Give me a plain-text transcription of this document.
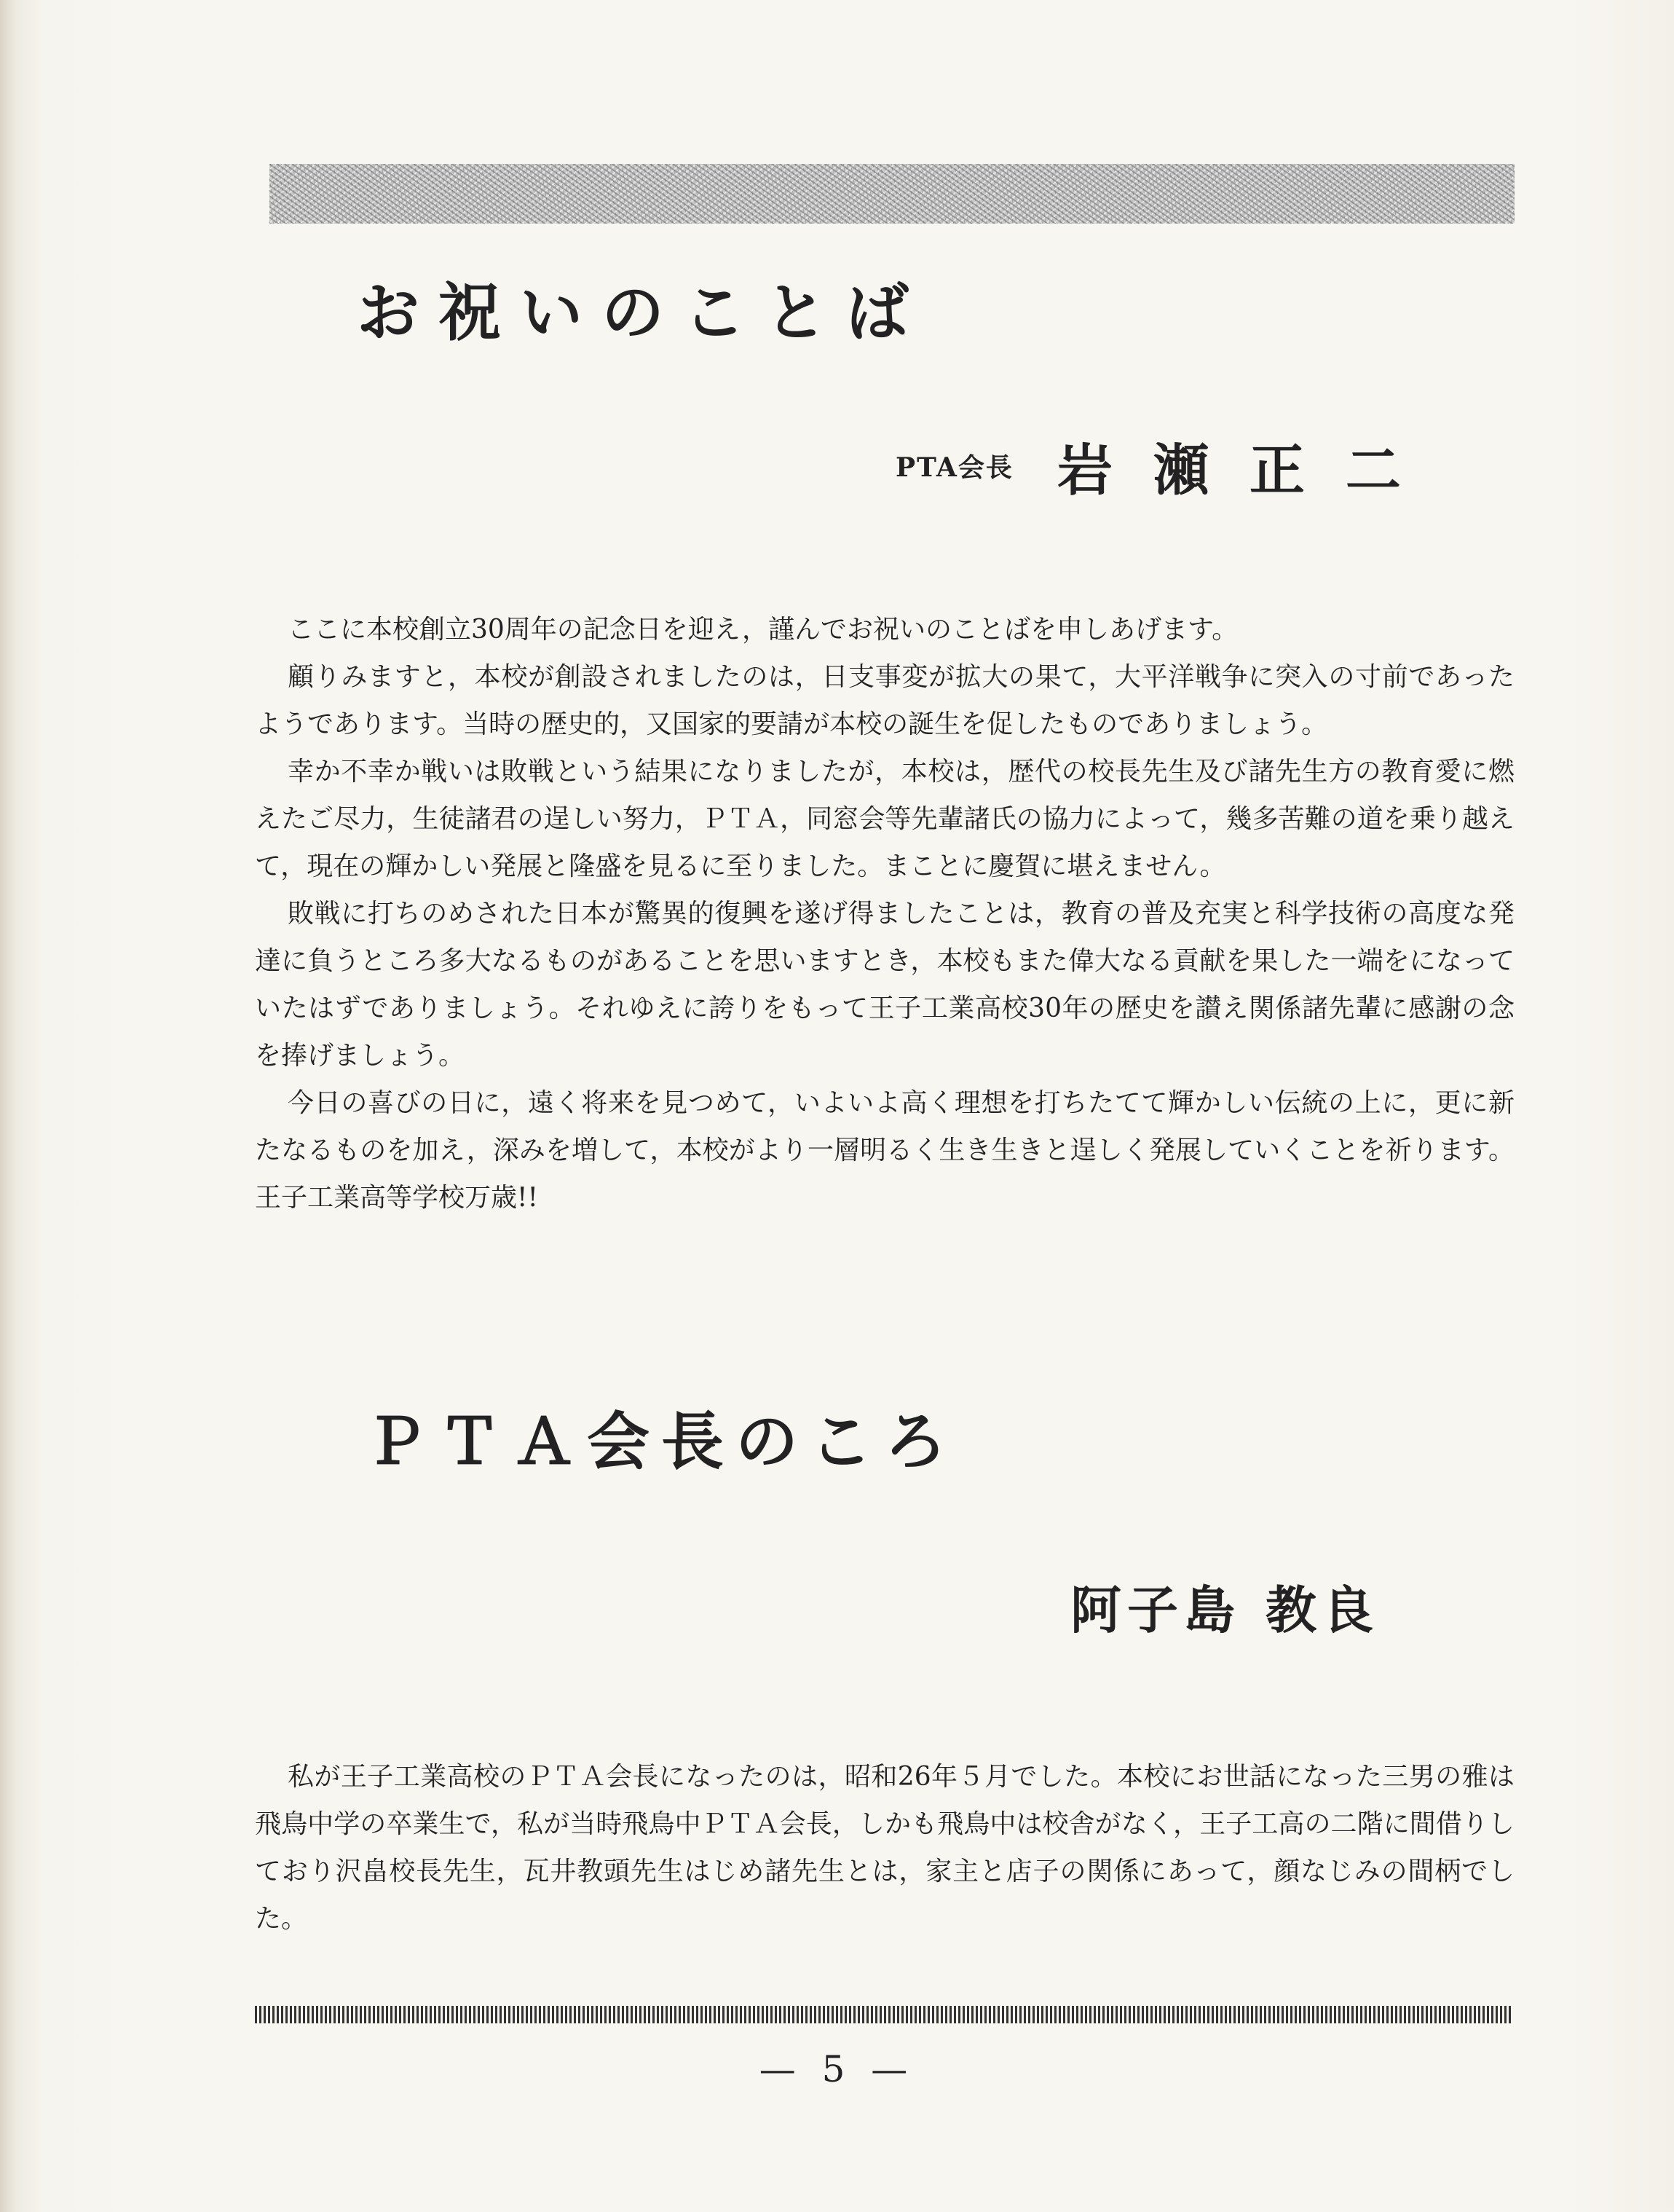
お祝いのことば
PTA会長 岩瀬正二

ここに本校創立30周年の記念日を迎え，謹んでお祝いのことばを申しあげます。

顧りみますと，本校が創設されましたのは，日支事変が拡大の果て，大平洋戦争に突入の寸前であったようであります。当時の歴史的，又国家的要請が本校の誕生を促したものでありましょう。

幸か不幸か戦いは敗戦という結果になりましたが，本校は，歴代の校長先生及び諸先生方の教育愛に燃えたご尽力，生徒諸君の逞しい努力，ＰＴＡ，同窓会等先輩諸氏の協力によって，幾多苦難の道を乗り越えて，現在の輝かしい発展と隆盛を見るに至りました。まことに慶賀に堪えません。

敗戦に打ちのめされた日本が驚異的復興を遂げ得ましたことは，教育の普及充実と科学技術の高度な発達に負うところ多大なるものがあることを思いますとき，本校もまた偉大なる貢献を果した一端をになっていたはずでありましょう。それゆえに誇りをもって王子工業高校30年の歴史を讃え関係諸先輩に感謝の念を捧げましょう。

今日の喜びの日に，遠く将来を見つめて，いよいよ高く理想を打ちたてて輝かしい伝統の上に，更に新たなるものを加え，深みを増して，本校がより一層明るく生き生きと逞しく発展していくことを祈ります。王子工業高等学校万歳!!

ＰＴＡ会長のころ
阿子島 教良

私が王子工業高校のＰＴＡ会長になったのは，昭和26年５月でした。本校にお世話になった三男の雅は飛鳥中学の卒業生で，私が当時飛鳥中ＰＴＡ会長，しかも飛鳥中は校舎がなく，王子工高の二階に間借りしており沢畠校長先生，瓦井教頭先生はじめ諸先生とは，家主と店子の関係にあって，顔なじみの間柄でした。

— 5 —
